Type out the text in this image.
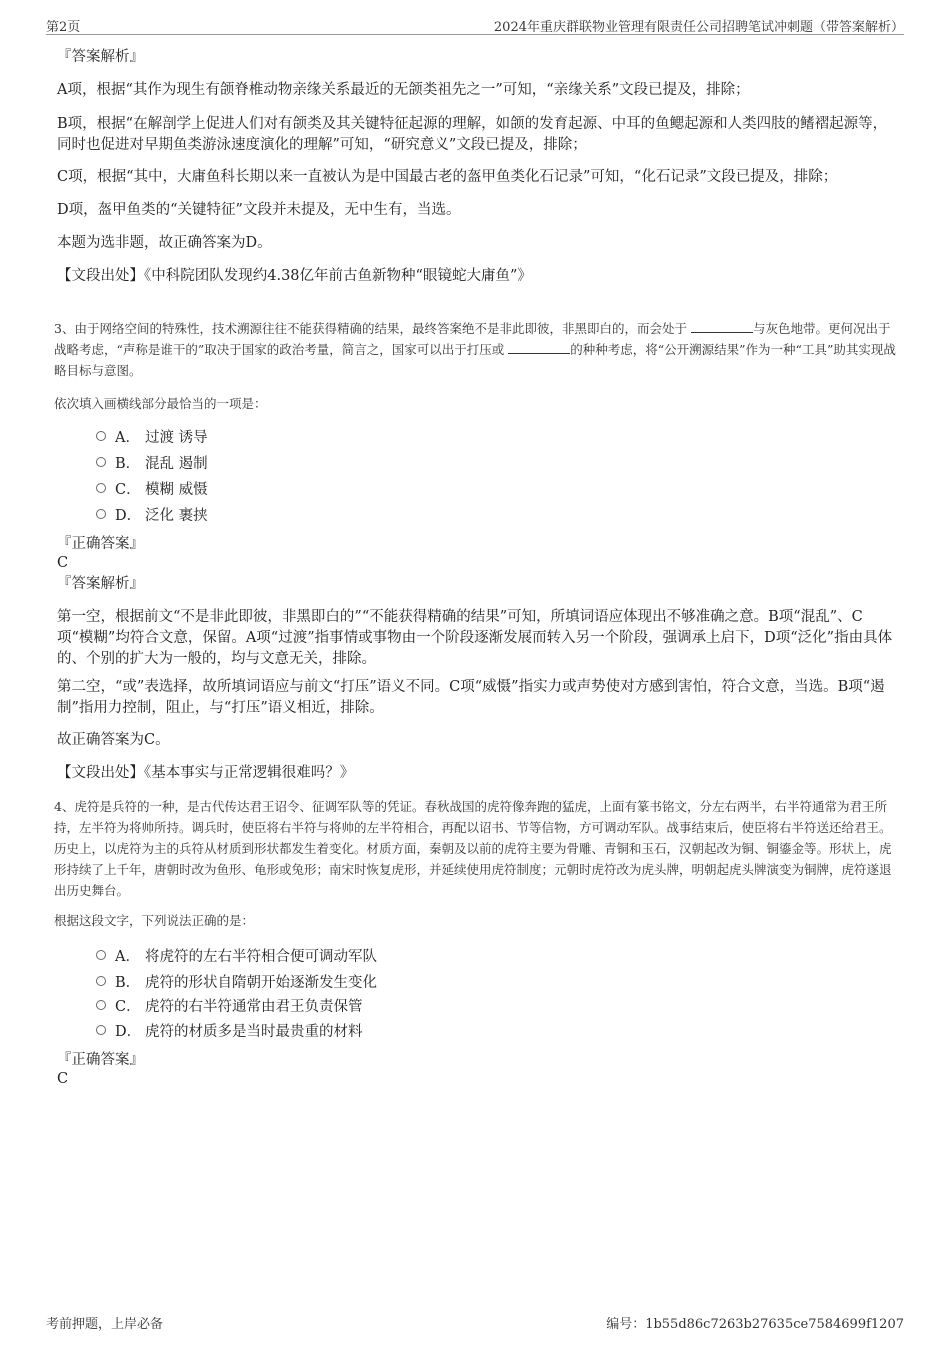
第2页	2024年重庆群联物业管理有限责任公司招聘笔试冲刺题（带答案解析）
『答案解析』

A项，根据“其作为现生有颌脊椎动物亲缘关系最近的无颌类祖先之一”可知，“亲缘关系”文段已提及，排除；

B项，根据“在解剖学上促进人们对有颌类及其关键特征起源的理解，如颌的发育起源、中耳的鱼鳃起源和人类四肢的鳍褶起源等，同时也促进对早期鱼类游泳速度演化的理解”可知，“研究意义”文段已提及，排除；

C项，根据“其中，大庸鱼科长期以来一直被认为是中国最古老的盔甲鱼类化石记录”可知，“化石记录”文段已提及，排除；

D项，盔甲鱼类的“关键特征”文段并未提及，无中生有，当选。

本题为选非题，故正确答案为D。

【文段出处】《中科院团队发现约4.38亿年前古鱼新物种“眼镜蛇大庸鱼”》

3、由于网络空间的特殊性，技术溯源往往不能获得精确的结果，最终答案绝不是非此即彼，非黑即白的，而会处于	与灰色地带。更何况出于战略考虑，“声称是谁干的”取决于国家的政治考量，简言之，国家可以出于打压或	的种种考虑，将“公开溯源结果”作为一种“工具”助其实现战略目标与意图。

依次填入画横线部分最恰当的一项是：

A． 过渡 诱导
B． 混乱 遏制
C． 模糊 威慑
D． 泛化 裹挟
『正确答案』
C
『答案解析』

第一空，根据前文“不是非此即彼，非黑即白的”“不能获得精确的结果”可知，所填词语应体现出不够准确之意。B项“混乱”、C项“模糊”均符合文意，保留。A项“过渡”指事情或事物由一个阶段逐渐发展而转入另一个阶段，强调承上启下，D项“泛化”指由具体的、个别的扩大为一般的，均与文意无关，排除。

第二空，“或”表选择，故所填词语应与前文“打压”语义不同。C项“威慑”指实力或声势使对方感到害怕，符合文意，当选。B项“遏制”指用力控制，阻止，与“打压”语义相近，排除。

故正确答案为C。

【文段出处】《基本事实与正常逻辑很难吗？》

4、虎符是兵符的一种，是古代传达君王诏令、征调军队等的凭证。春秋战国的虎符像奔跑的猛虎，上面有篆书铭文，分左右两半，右半符通常为君王所持，左半符为将帅所持。调兵时，使臣将右半符与将帅的左半符相合，再配以诏书、节等信物，方可调动军队。战事结束后，使臣将右半符送还给君王。历史上，以虎符为主的兵符从材质到形状都发生着变化。材质方面，秦朝及以前的虎符主要为骨雕、青铜和玉石，汉朝起改为铜、铜鎏金等。形状上，虎形持续了上千年，唐朝时改为鱼形、龟形或兔形；南宋时恢复虎形，并延续使用虎符制度；元朝时虎符改为虎头牌，明朝起虎头牌演变为铜牌，虎符遂退出历史舞台。

根据这段文字，下列说法正确的是：

A． 将虎符的左右半符相合便可调动军队
B． 虎符的形状自隋朝开始逐渐发生变化
C． 虎符的右半符通常由君王负责保管
D． 虎符的材质多是当时最贵重的材料
『正确答案』
C
考前押题，上岸必备	编号：1b55d86c7263b27635ce7584699f1207
